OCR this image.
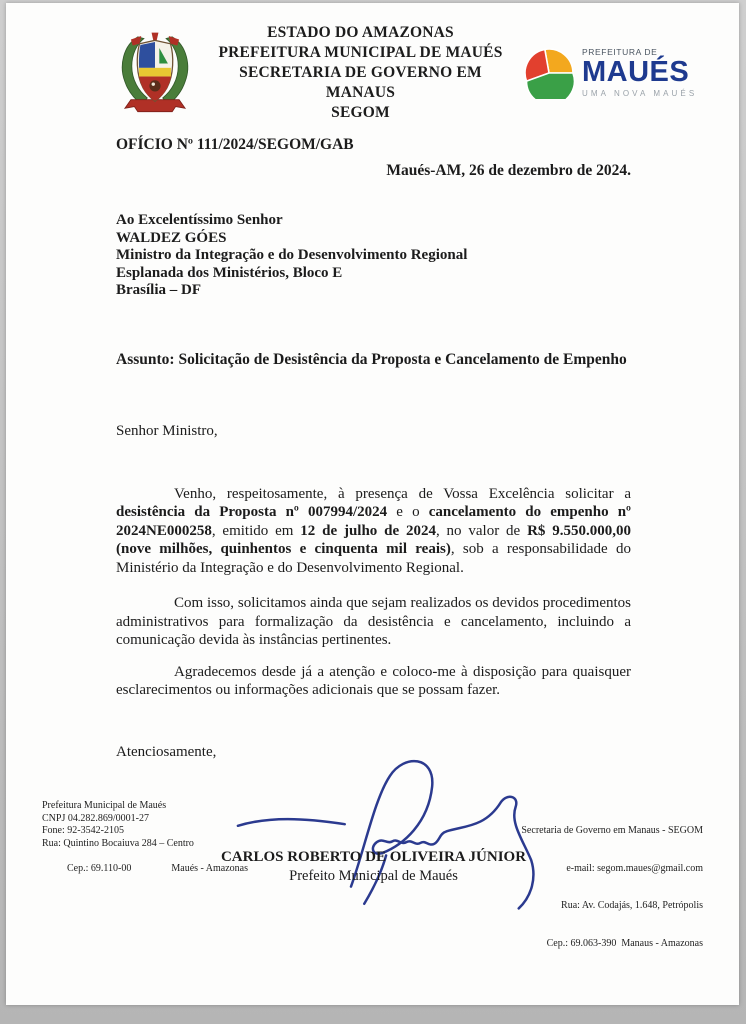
ESTADO DO AMAZONAS
PREFEITURA MUNICIPAL DE MAUÉS
SECRETARIA DE GOVERNO EM MANAUS
SEGOM
PREFEITURA DE
MAUÉS
UMA NOVA MAUÉS
OFÍCIO Nº 111/2024/SEGOM/GAB
Maués-AM, 26 de dezembro de 2024.
Ao Excelentíssimo Senhor
WALDEZ GÓES
Ministro da Integração e do Desenvolvimento Regional
Esplanada dos Ministérios, Bloco E
Brasília – DF
Assunto: Solicitação de Desistência da Proposta e Cancelamento de Empenho
Senhor Ministro,

Venho, respeitosamente, à presença de Vossa Excelência solicitar a desistência da Proposta nº 007994/2024 e o cancelamento do empenho nº 2024NE000258, emitido em 12 de julho de 2024, no valor de R$ 9.550.000,00 (nove milhões, quinhentos e cinquenta mil reais), sob a responsabilidade do Ministério da Integração e do Desenvolvimento Regional.

Com isso, solicitamos ainda que sejam realizados os devidos procedimentos administrativos para formalização da desistência e cancelamento, incluindo a comunicação devida às instâncias pertinentes.

Agradecemos desde já a atenção e coloco-me à disposição para quaisquer esclarecimentos ou informações adicionais que se possam fazer.

Atenciosamente,
CARLOS ROBERTO DE OLIVEIRA JÚNIOR
Prefeito Municipal de Maués
Prefeitura Municipal de Maués
CNPJ 04.282.869/0001-27
Fone: 92-3542-2105
Rua: Quintino Bocaiuva 284 – Centro

Cep.: 69.110-00	Maués - Amazonas

Secretaria de Governo em Manaus - SEGOM

e-mail: segom.maues@gmail.com

Rua: Av. Codajás, 1.648, Petrópolis

Cep.: 69.063-390  Manaus - Amazonas
